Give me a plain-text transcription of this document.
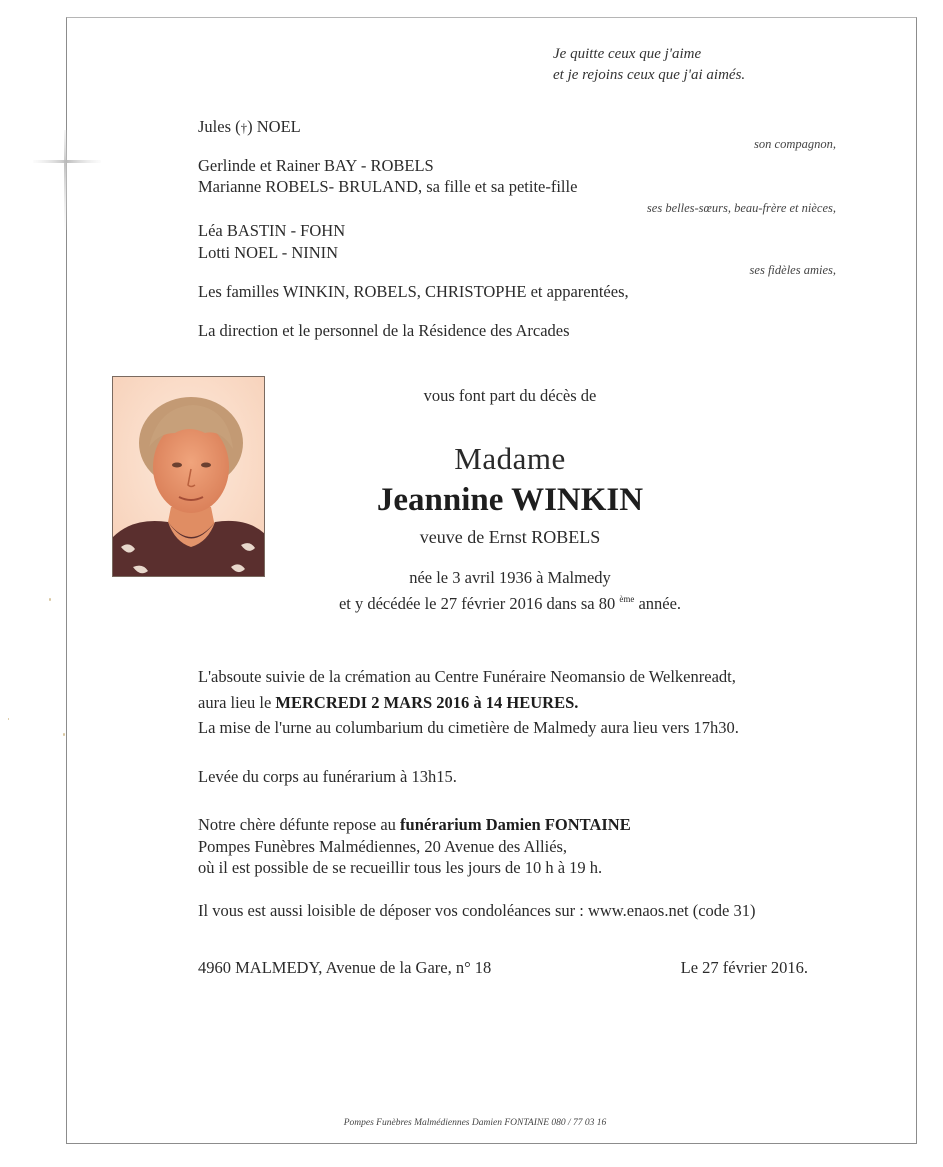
Je quitte ceux que j'aime
et je rejoins ceux que j'ai aimés.
Jules (†) NOEL
son compagnon,
Gerlinde et Rainer BAY - ROBELS
Marianne ROBELS- BRULAND, sa fille et sa petite-fille
ses belles-sœurs, beau-frère et nièces,
Léa BASTIN - FOHN
Lotti NOEL - NININ
ses fidèles amies,
Les familles WINKIN, ROBELS, CHRISTOPHE et apparentées,
La direction et le personnel de la Résidence des Arcades
vous font part du décès de
Madame
Jeannine WINKIN
veuve de Ernst ROBELS
née le 3 avril 1936 à Malmedy
et y décédée le 27 février 2016 dans sa 80 $^{ème}$ année.
L'absoute suivie de la crémation au Centre Funéraire Neomansio de Welkenreadt,
aura lieu le MERCREDI 2 MARS 2016 à 14 HEURES.
La mise de l'urne au columbarium du cimetière de Malmedy aura lieu vers 17h30.
Levée du corps au funérarium à 13h15.
Notre chère défunte repose au funérarium Damien FONTAINE
Pompes Funèbres Malmédiennes, 20 Avenue des Alliés,
où il est possible de se recueillir tous les jours de 10 h à 19 h.
Il vous est aussi loisible de déposer vos condoléances sur : www.enaos.net (code 31)
4960 MALMEDY, Avenue de la Gare, n° 18	Le 27 février 2016.
Pompes Funèbres Malmédiennes Damien FONTAINE 080 / 77 03 16
